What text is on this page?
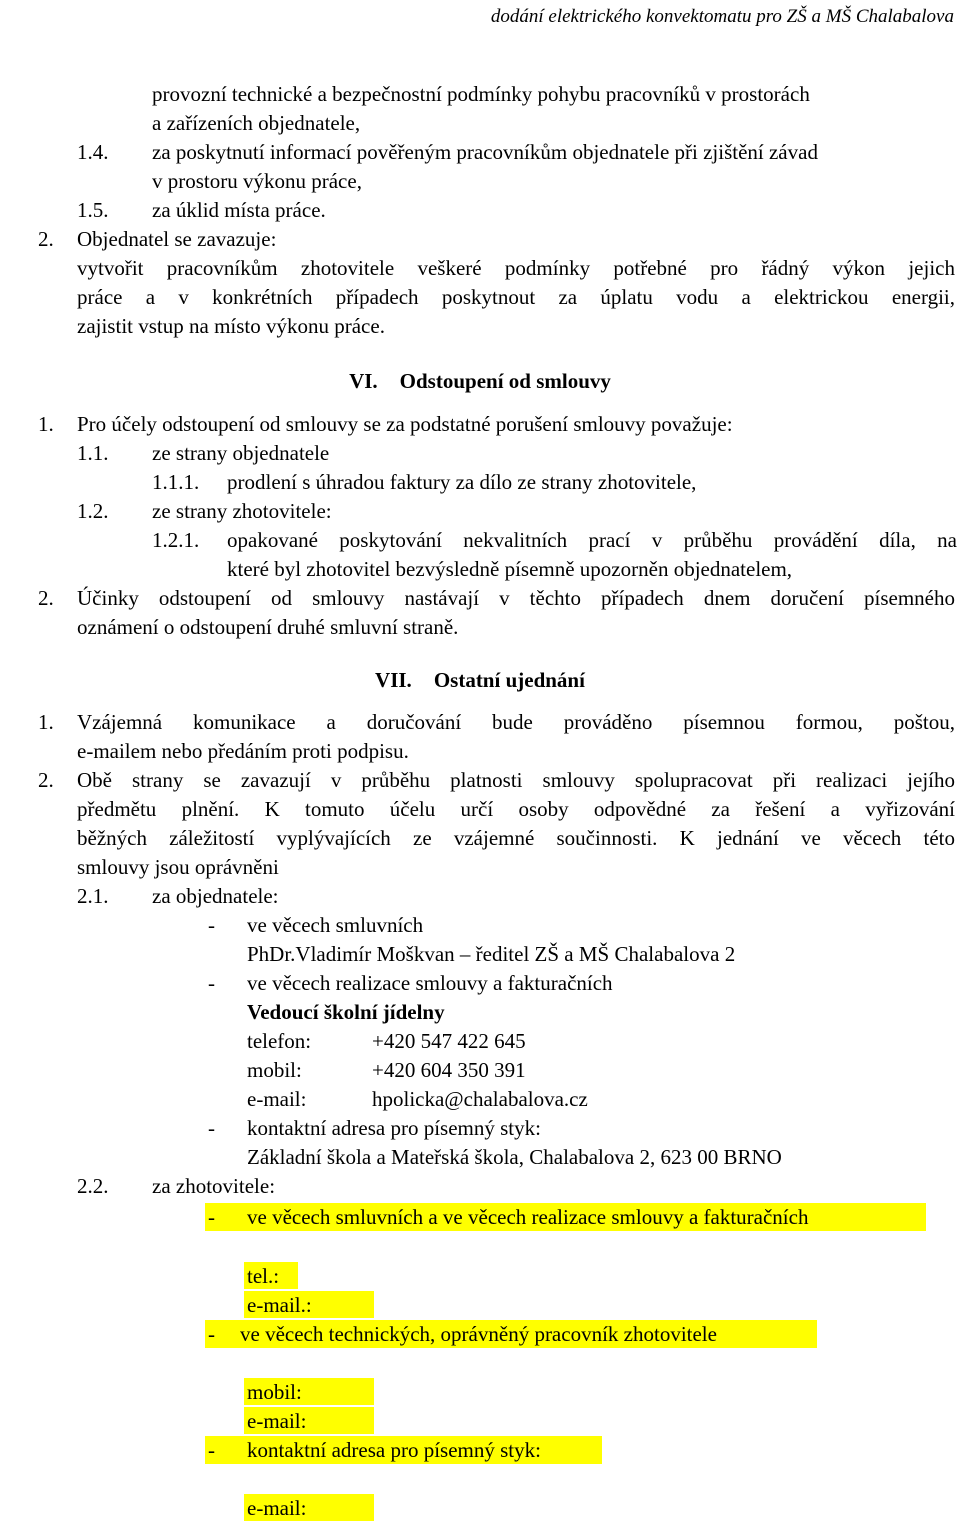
dodání elektrického konvektomatu pro ZŠ a MŠ Chalabalova
provozní technické a bezpečnostní podmínky pohybu pracovníků v prostorách
a zařízeních objednatele,
1.4. za poskytnutí informací pověřeným pracovníkům objednatele při zjištění závad
v prostoru výkonu práce,
1.5. za úklid místa práce.
2. Objednatel se zavazuje:
vytvořit pracovníkům zhotovitele veškeré podmínky potřebné pro řádný výkon jejich
práce a v konkrétních případech poskytnout za úplatu vodu a elektrickou energii,
zajistit vstup na místo výkonu práce.
VI. Odstoupení od smlouvy
1. Pro účely odstoupení od smlouvy se za podstatné porušení smlouvy považuje:
1.1. ze strany objednatele
1.1.1. prodlení s úhradou faktury za dílo ze strany zhotovitele,
1.2. ze strany zhotovitele:
1.2.1. opakované poskytování nekvalitních prací v průběhu provádění díla, na
které byl zhotovitel bezvýsledně písemně upozorněn objednatelem,
2. Účinky odstoupení od smlouvy nastávají v těchto případech dnem doručení písemného
oznámení o odstoupení druhé smluvní straně.
VII. Ostatní ujednání
1. Vzájemná komunikace a doručování bude prováděno písemnou formou, poštou,
e-mailem nebo předáním proti podpisu.
2. Obě strany se zavazují v průběhu platnosti smlouvy spolupracovat při realizaci jejího
předmětu plnění. K tomuto účelu určí osoby odpovědné za řešení a vyřizování
běžných záležitostí vyplývajících ze vzájemné součinnosti. K jednání ve věcech této
smlouvy jsou oprávněni
2.1. za objednatele:
- ve věcech smluvních
PhDr.Vladimír Moškvan – ředitel ZŠ a MŠ Chalabalova 2
- ve věcech realizace smlouvy a fakturačních
Vedoucí školní jídelny
telefon:	+420 547 422 645
mobil:	+420 604 350 391
e-mail:	hpolicka@chalabalova.cz
- kontaktní adresa pro písemný styk:
Základní škola a Mateřská škola, Chalabalova 2, 623 00 BRNO
2.2. za zhotovitele:
- ve věcech smluvních a ve věcech realizace smlouvy a fakturačních
tel.:
e-mail.:
- ve věcech technických, oprávněný pracovník zhotovitele
mobil:
e-mail:
- kontaktní adresa pro písemný styk:
e-mail:
